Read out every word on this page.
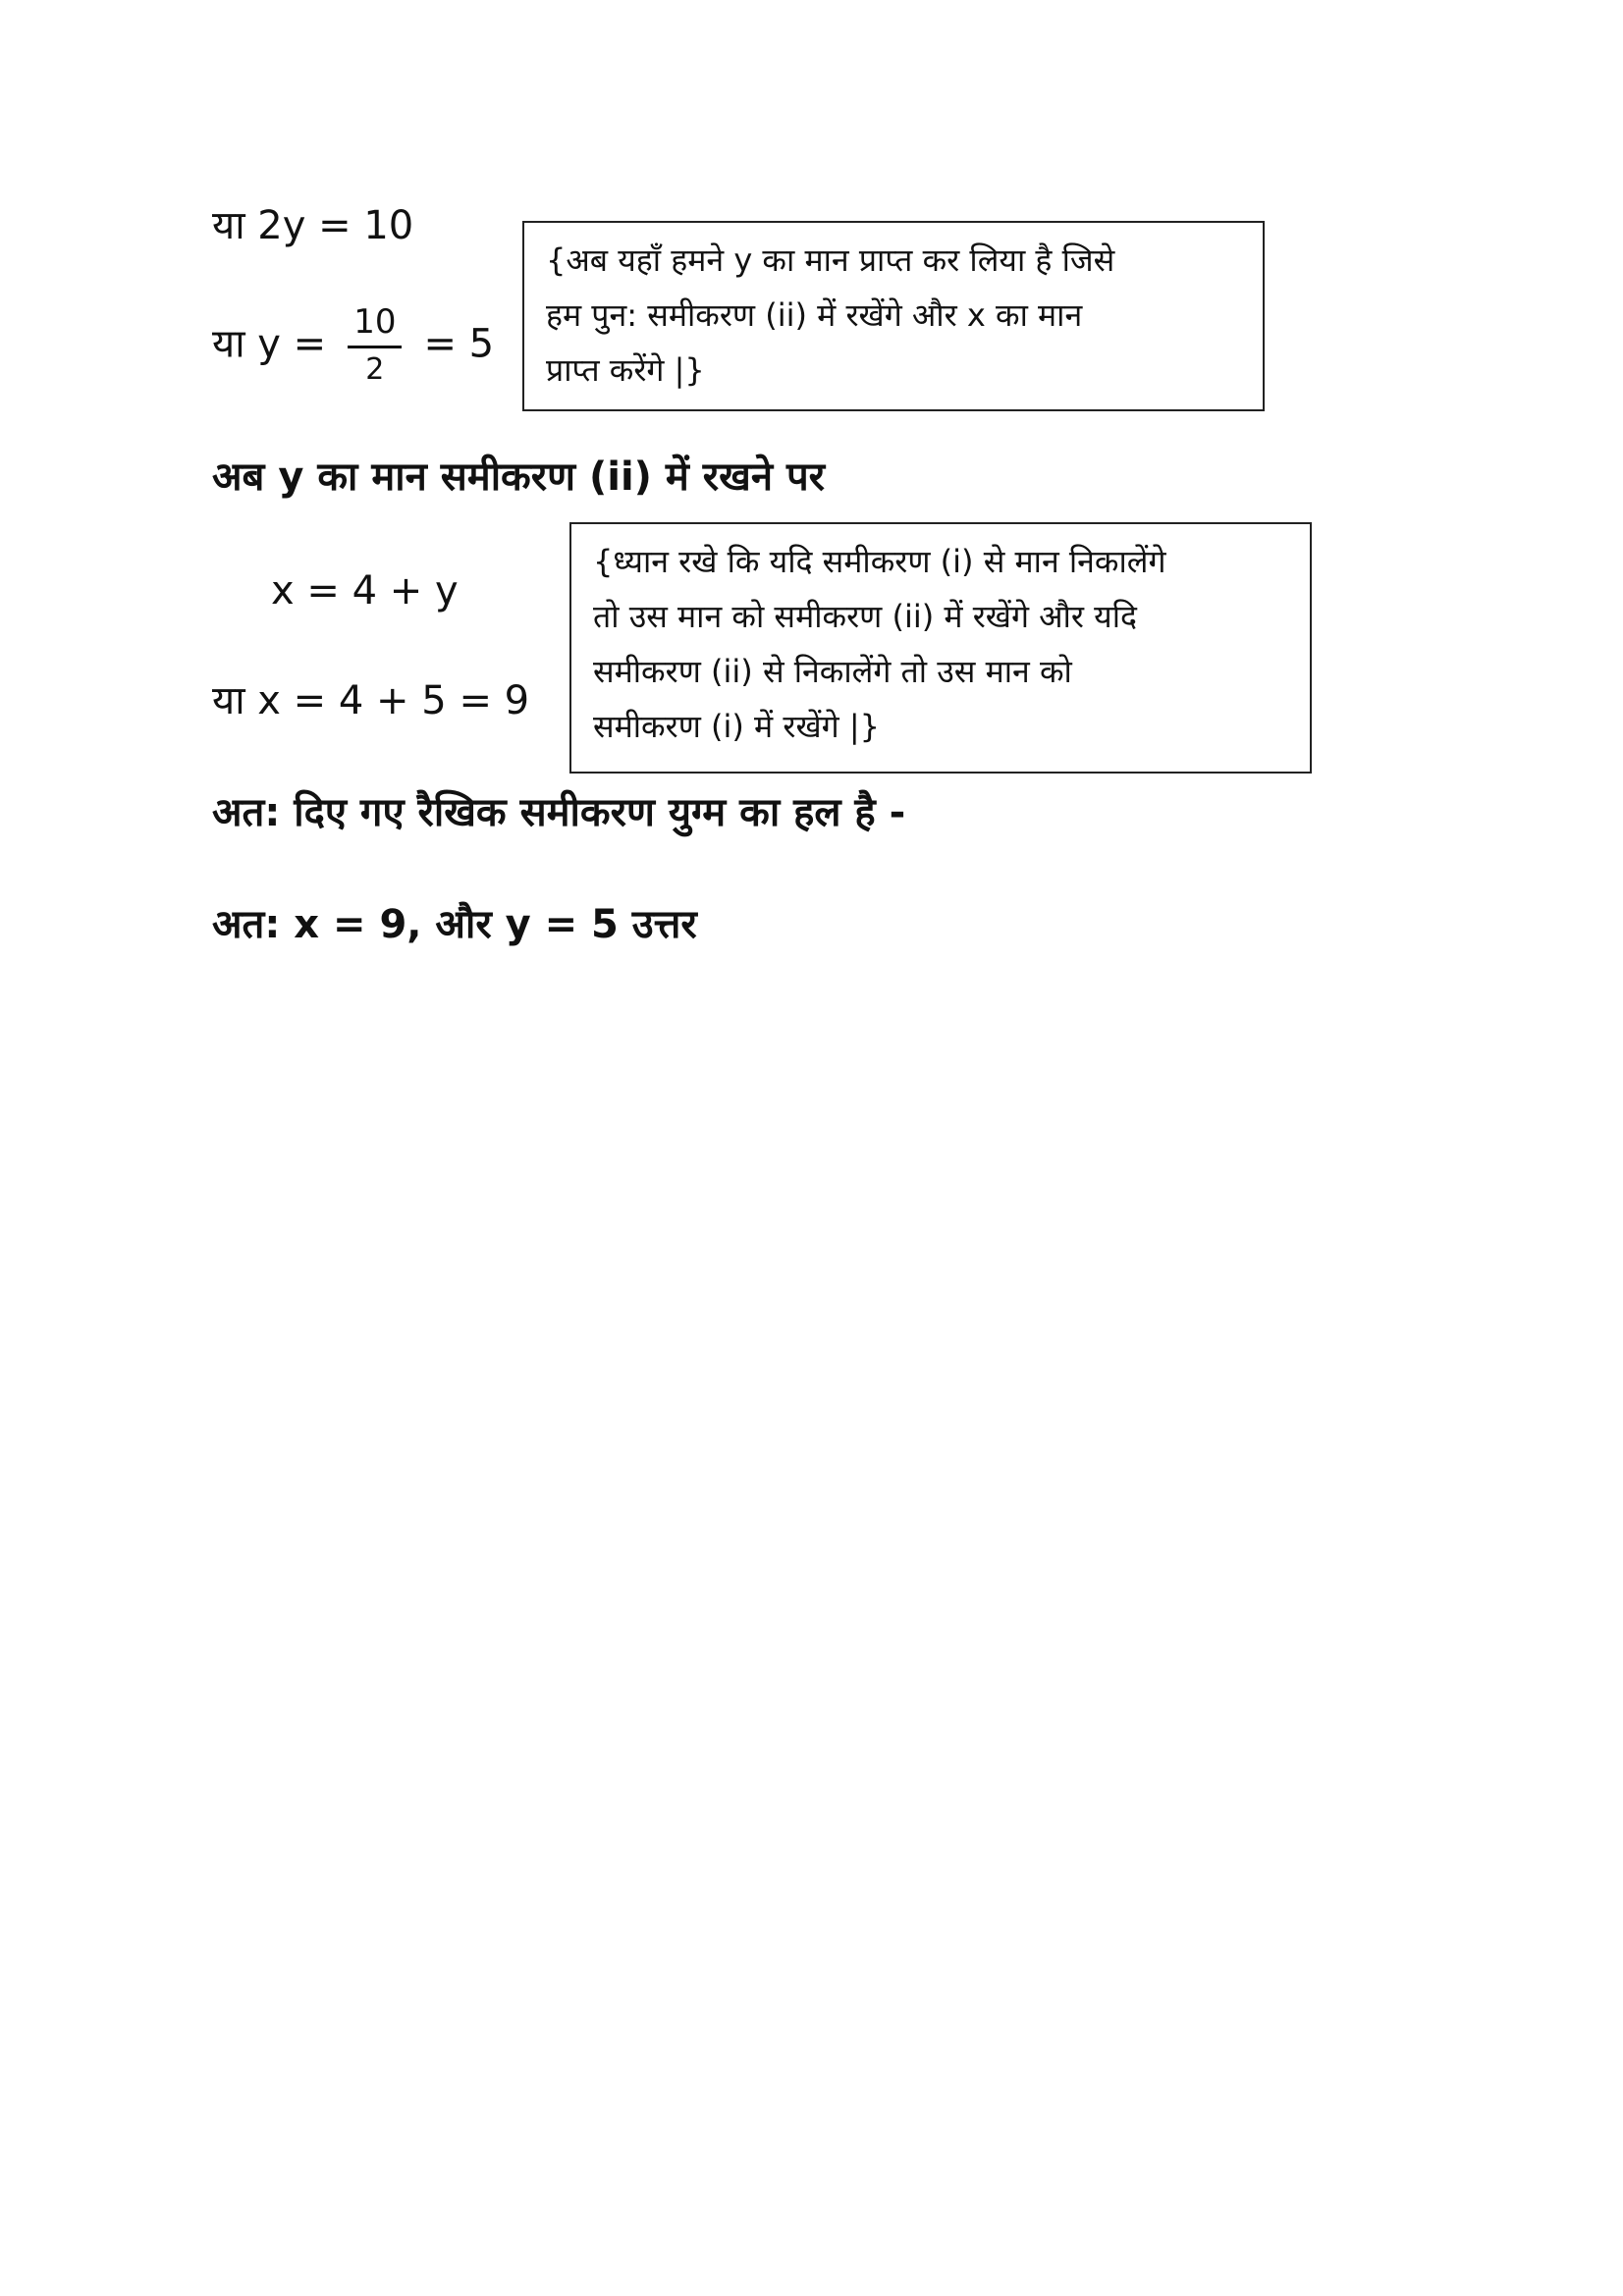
या 2y = 10
या $y = \frac{10}{2} = 5$
{अब यहाँ हमने y का मान प्राप्त कर लिया है जिसे
हम पुन: समीकरण (ii) में रखेंगे और x का मान
प्राप्त करेंगे |}
अब y का मान समीकरण (ii) में रखने पर
x = 4 + y
या x = 4 + 5 = 9
{ध्यान रखे कि यदि समीकरण (i) से मान निकालेंगे
तो उस मान को समीकरण (ii) में रखेंगे और यदि
समीकरण (ii) से निकालेंगे तो उस मान को
समीकरण (i) में रखेंगे |}
अत: दिए गए रैखिक समीकरण युग्म का हल है -
अत: x = 9, और y = 5 उत्तर
